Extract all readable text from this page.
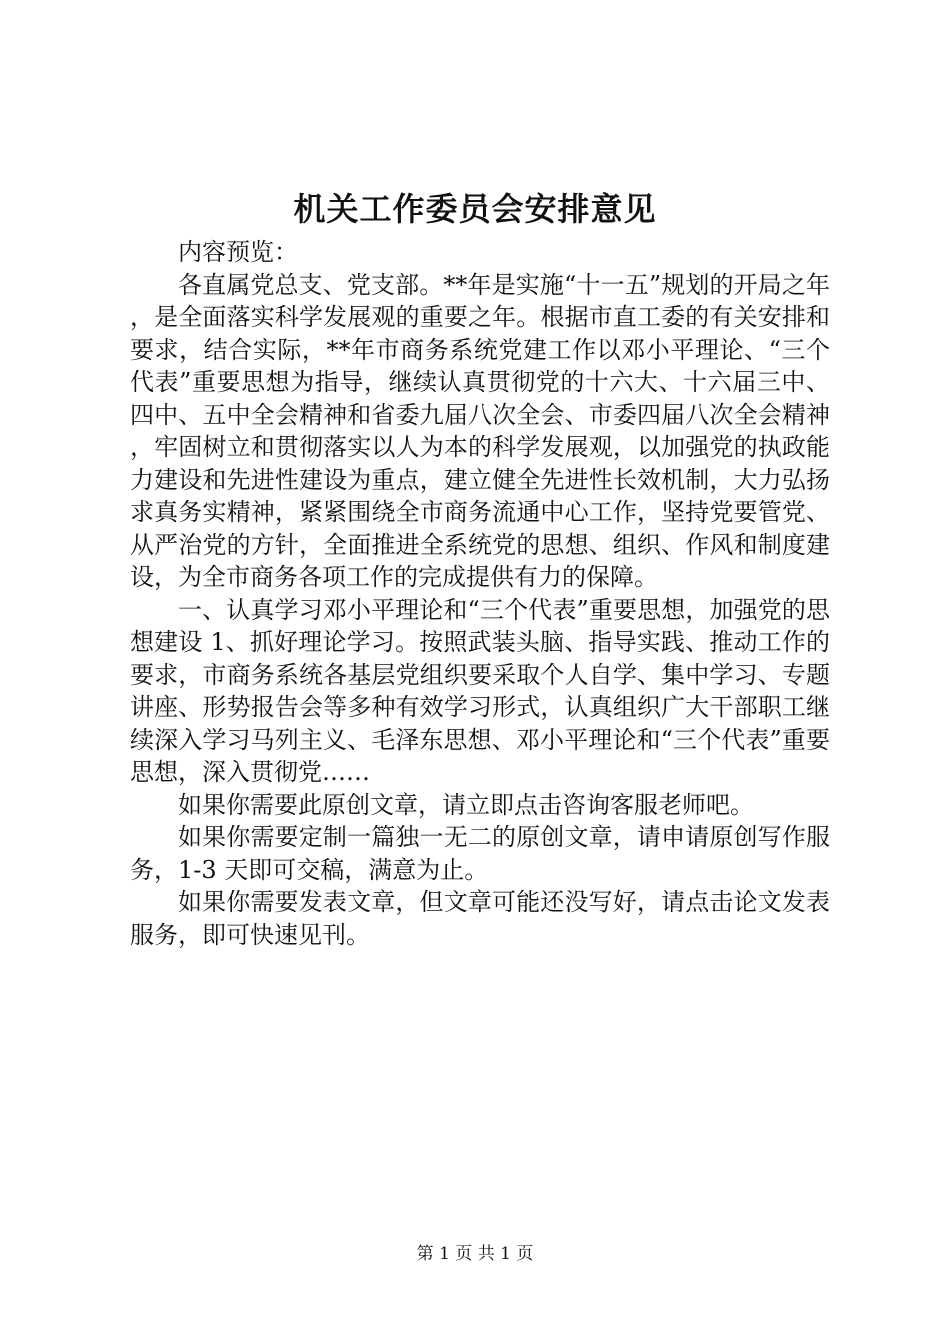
机关工作委员会安排意见

内容预览：

各直属党总支、党支部。**年是实施“十一五”规划的开局之年，是全面落实科学发展观的重要之年。根据市直工委的有关安排和要求，结合实际，**年市商务系统党建工作以邓小平理论、“三个代表”重要思想为指导，继续认真贯彻党的十六大、十六届三中、四中、五中全会精神和省委九届八次全会、市委四届八次全会精神，牢固树立和贯彻落实以人为本的科学发展观，以加强党的执政能力建设和先进性建设为重点，建立健全先进性长效机制，大力弘扬求真务实精神，紧紧围绕全市商务流通中心工作，坚持党要管党、从严治党的方针，全面推进全系统党的思想、组织、作风和制度建设，为全市商务各项工作的完成提供有力的保障。

一、认真学习邓小平理论和“三个代表”重要思想，加强党的思想建设 1、抓好理论学习。按照武装头脑、指导实践、推动工作的要求，市商务系统各基层党组织要采取个人自学、集中学习、专题讲座、形势报告会等多种有效学习形式，认真组织广大干部职工继续深入学习马列主义、毛泽东思想、邓小平理论和“三个代表”重要思想，深入贯彻党……

如果你需要此原创文章，请立即点击咨询客服老师吧。

如果你需要定制一篇独一无二的原创文章，请申请原创写作服务，1-3 天即可交稿，满意为止。

如果你需要发表文章，但文章可能还没写好，请点击论文发表服务，即可快速见刊。

第 1 页 共 1 页
